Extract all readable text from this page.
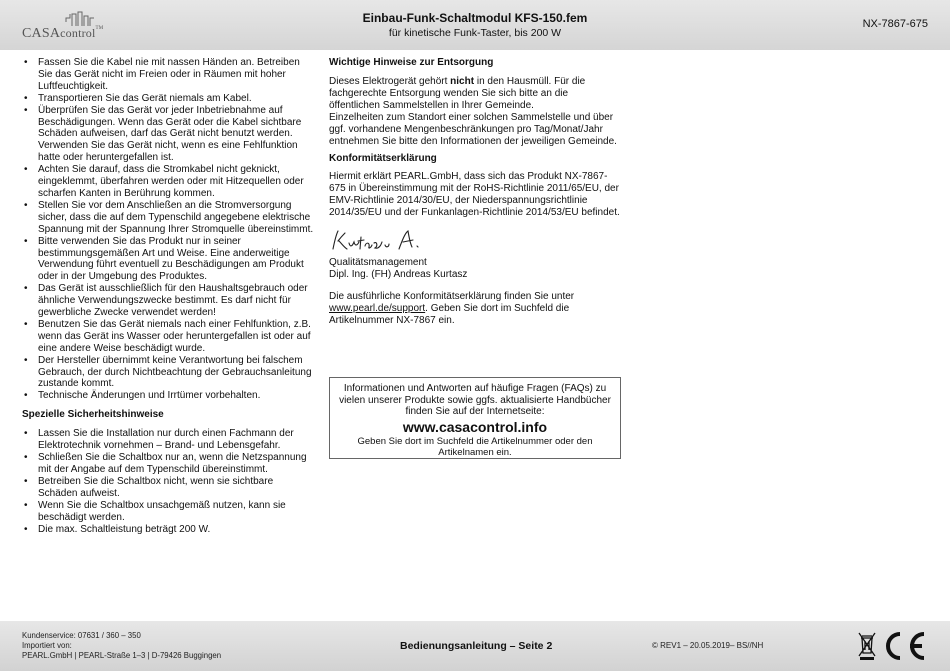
CASAcontrol™
Einbau-Funk-Schaltmodul KFS-150.fem
für kinetische Funk-Taster, bis 200 W
NX-7867-675
• Fassen Sie die Kabel nie mit nassen Händen an. Betreiben Sie das Gerät nicht im Freien oder in Räumen mit hoher Luftfeuchtigkeit.
• Transportieren Sie das Gerät niemals am Kabel.
• Überprüfen Sie das Gerät vor jeder Inbetriebnahme auf Beschädigungen. Wenn das Gerät oder die Kabel sichtbare Schäden aufweisen, darf das Gerät nicht benutzt werden. Verwenden Sie das Gerät nicht, wenn es eine Fehlfunktion hatte oder heruntergefallen ist.
• Achten Sie darauf, dass die Stromkabel nicht geknickt, eingeklemmt, überfahren werden oder mit Hitzequellen oder scharfen Kanten in Berührung kommen.
• Stellen Sie vor dem Anschließen an die Stromversorgung sicher, dass die auf dem Typenschild angegebene elektrische Spannung mit der Spannung Ihrer Stromquelle übereinstimmt.
• Bitte verwenden Sie das Produkt nur in seiner bestimmungsgemäßen Art und Weise. Eine anderweitige Verwendung führt eventuell zu Beschädigungen am Produkt oder in der Umgebung des Produktes.
• Das Gerät ist ausschließlich für den Haushaltsgebrauch oder ähnliche Verwendungszwecke bestimmt. Es darf nicht für gewerbliche Zwecke verwendet werden!
• Benutzen Sie das Gerät niemals nach einer Fehlfunktion, z.B. wenn das Gerät ins Wasser oder heruntergefallen ist oder auf eine andere Weise beschädigt wurde.
• Der Hersteller übernimmt keine Verantwortung bei falschem Gebrauch, der durch Nichtbeachtung der Gebrauchsanleitung zustande kommt.
• Technische Änderungen und Irrtümer vorbehalten.
Spezielle Sicherheitshinweise
• Lassen Sie die Installation nur durch einen Fachmann der Elektrotechnik vornehmen – Brand- und Lebensgefahr.
• Schließen Sie die Schaltbox nur an, wenn die Netzspannung mit der Angabe auf dem Typenschild übereinstimmt.
• Betreiben Sie die Schaltbox nicht, wenn sie sichtbare Schäden aufweist.
• Wenn Sie die Schaltbox unsachgemäß nutzen, kann sie beschädigt werden.
• Die max. Schaltleistung beträgt 200 W.
Wichtige Hinweise zur Entsorgung
Dieses Elektrogerät gehört nicht in den Hausmüll. Für die fachgerechte Entsorgung wenden Sie sich bitte an die öffentlichen Sammelstellen in Ihrer Gemeinde.
Einzelheiten zum Standort einer solchen Sammelstelle und über ggf. vorhandene Mengenbeschränkungen pro Tag/Monat/Jahr entnehmen Sie bitte den Informationen der jeweiligen Gemeinde.
Konformitätserklärung
Hiermit erklärt PEARL.GmbH, dass sich das Produkt NX-7867-675 in Übereinstimmung mit der RoHS-Richtlinie 2011/65/EU, der EMV-Richtlinie 2014/30/EU, der Niederspannungsrichtlinie 2014/35/EU und der Funkanlagen-Richtlinie 2014/53/EU befindet.
Qualitätsmanagement
Dipl. Ing. (FH) Andreas Kurtasz
Die ausführliche Konformitätserklärung finden Sie unter www.pearl.de/support. Geben Sie dort im Suchfeld die Artikelnummer NX-7867 ein.
Informationen und Antworten auf häufige Fragen (FAQs) zu
vielen unserer Produkte sowie ggfs. aktualisierte Handbücher
finden Sie auf der Internetseite:
www.casacontrol.info
Geben Sie dort im Suchfeld die Artikelnummer oder den
Artikelnamen ein.
Kundenservice: 07631 / 360 – 350
Importiert von:
PEARL.GmbH | PEARL-Straße 1–3 | D-79426 Buggingen
Bedienungsanleitung – Seite 2	© REV1 – 20.05.2019– BS//NH
